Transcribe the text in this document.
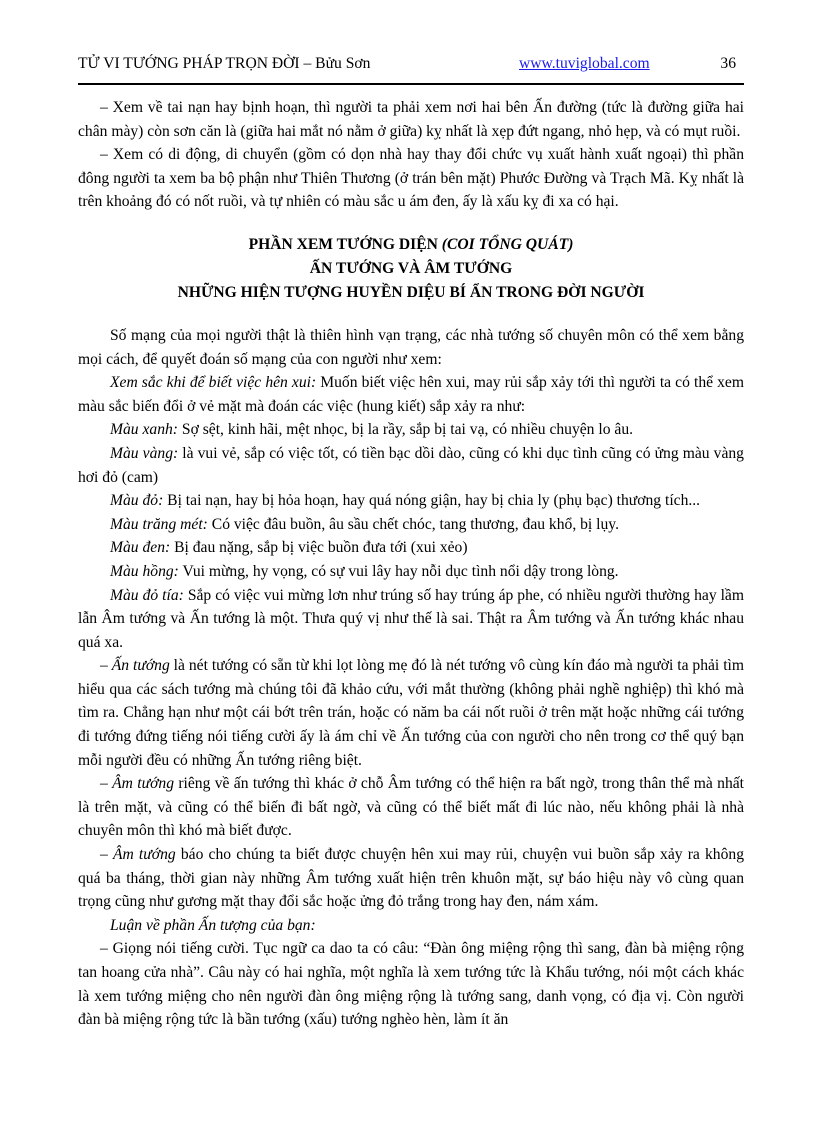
TỬ VI TƯỚNG PHÁP TRỌN ĐỜI – Bửu Sơn	www.tuviglobal.com	36

– Xem về tai nạn hay bịnh hoạn, thì người ta phải xem nơi hai bên Ấn đường (tức là đường giữa hai chân mày) còn sơn căn là (giữa hai mắt nó nằm ở giữa) kỵ nhất là xẹp đứt ngang, nhỏ hẹp, và có mụt ruồi.

– Xem có di động, di chuyển (gồm có dọn nhà hay thay đổi chức vụ xuất hành xuất ngoại) thì phần đông người ta xem ba bộ phận như Thiên Thương (ở trán bên mặt) Phước Đường và Trạch Mã. Kỵ nhất là trên khoảng đó có nốt ruồi, và tự nhiên có màu sắc u ám đen, ấy là xấu kỵ đi xa có hại.

PHẦN XEM TƯỚNG DIỆN (COI TỔNG QUÁT)
ẤN TƯỚNG VÀ ÂM TƯỚNG
NHỮNG HIỆN TƯỢNG HUYỀN DIỆU BÍ ẨN TRONG ĐỜI NGƯỜI

Số mạng của mọi người thật là thiên hình vạn trạng, các nhà tướng số chuyên môn có thể xem bằng mọi cách, để quyết đoán số mạng của con người như xem:

Xem sắc khi để biết việc hên xui: Muốn biết việc hên xui, may rủi sắp xảy tới thì người ta có thể xem màu sắc biến đổi ở vẻ mặt mà đoán các việc (hung kiết) sắp xảy ra như:

Màu xanh: Sợ sệt, kinh hãi, mệt nhọc, bị la rầy, sắp bị tai vạ, có nhiều chuyện lo âu.

Màu vàng: là vui vẻ, sắp có việc tốt, có tiền bạc dồi dào, cũng có khi dục tình cũng có ửng màu vàng hơi đỏ (cam)

Màu đỏ: Bị tai nạn, hay bị hỏa hoạn, hay quá nóng giận, hay bị chia ly (phụ bạc) thương tích...

Màu trăng mét: Có việc đâu buồn, âu sầu chết chóc, tang thương, đau khổ, bị lụy.

Màu đen: Bị đau nặng, sắp bị việc buồn đưa tới (xui xẻo)

Màu hồng: Vui mừng, hy vọng, có sự vui lây hay nỗi dục tình nổi dậy trong lòng.

Màu đỏ tía: Sắp có việc vui mừng lơn như trúng số hay trúng áp phe, có nhiều người thường hay lầm lẫn Âm tướng và Ấn tướng là một. Thưa quý vị như thế là sai. Thật ra Âm tướng và Ấn tướng khác nhau quá xa.

– Ấn tướng là nét tướng có sẵn từ khi lọt lòng mẹ đó là nét tướng vô cùng kín đáo mà người ta phải tìm hiểu qua các sách tướng mà chúng tôi đã khảo cứu, với mắt thường (không phải nghề nghiệp) thì khó mà tìm ra. Chẳng hạn như một cái bớt trên trán, hoặc có năm ba cái nốt ruồi ở trên mặt hoặc những cái tướng đi tướng đứng tiếng nói tiếng cười ấy là ám chỉ về Ấn tướng của con người cho nên trong cơ thể quý bạn mỗi người đều có những Ấn tướng riêng biệt.

– Âm tướng riêng về ấn tướng thì khác ở chỗ Âm tướng có thể hiện ra bất ngờ, trong thân thể mà nhất là trên mặt, và cũng có thể biến đi bất ngờ, và cũng có thể biết mất đi lúc nào, nếu không phải là nhà chuyên môn thì khó mà biết được.

– Âm tướng báo cho chúng ta biết được chuyện hên xui may rủi, chuyện vui buồn sắp xảy ra không quá ba tháng, thời gian này những Âm tướng xuất hiện trên khuôn mặt, sự báo hiệu này vô cùng quan trọng cũng như gương mặt thay đổi sắc hoặc ửng đỏ trắng trong hay đen, nám xám.

Luận về phần Ấn tượng của bạn:

– Giọng nói tiếng cười. Tục ngữ ca dao ta có câu: “Đàn ông miệng rộng thì sang, đàn bà miệng rộng tan hoang cửa nhà”. Câu này có hai nghĩa, một nghĩa là xem tướng tức là Khẩu tướng, nói một cách khác là xem tướng miệng cho nên người đàn ông miệng rộng là tướng sang, danh vọng, có địa vị. Còn người đàn bà miệng rộng tức là bần tướng (xấu) tướng nghèo hèn, làm ít ăn
